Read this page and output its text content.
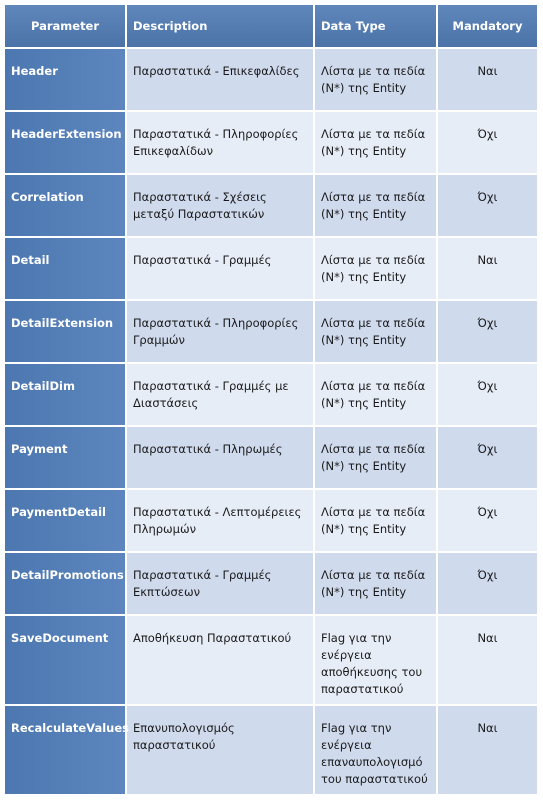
Parameter	Description	Data Type	Mandatory
Header	Παραστατικά - Επικεφαλίδες	Λίστα με τα πεδία (Ν*) της Entity	Ναι
HeaderExtension	Παραστατικά - Πληροφορίες Επικεφαλίδων	Λίστα με τα πεδία (Ν*) της Entity	Όχι
Correlation	Παραστατικά - Σχέσεις μεταξύ Παραστατικών	Λίστα με τα πεδία (Ν*) της Entity	Όχι
Detail	Παραστατικά - Γραμμές	Λίστα με τα πεδία (Ν*) της Entity	Ναι
DetailExtension	Παραστατικά - Πληροφορίες Γραμμών	Λίστα με τα πεδία (Ν*) της Entity	Όχι
DetailDim	Παραστατικά - Γραμμές με Διαστάσεις	Λίστα με τα πεδία (Ν*) της Entity	Όχι
Payment	Παραστατικά - Πληρωμές	Λίστα με τα πεδία (Ν*) της Entity	Όχι
PaymentDetail	Παραστατικά - Λεπτομέρειες Πληρωμών	Λίστα με τα πεδία (Ν*) της Entity	Όχι
DetailPromotions	Παραστατικά - Γραμμές Εκπτώσεων	Λίστα με τα πεδία (Ν*) της Entity	Όχι
SaveDocument	Αποθήκευση Παραστατικού	Flag για την ενέργεια αποθήκευσης του παραστατικού	Ναι
RecalculateValues	Επανυπολογισμός παραστατικού	Flag για την ενέργεια επαναυπολογισμό του παραστατικού	Ναι
